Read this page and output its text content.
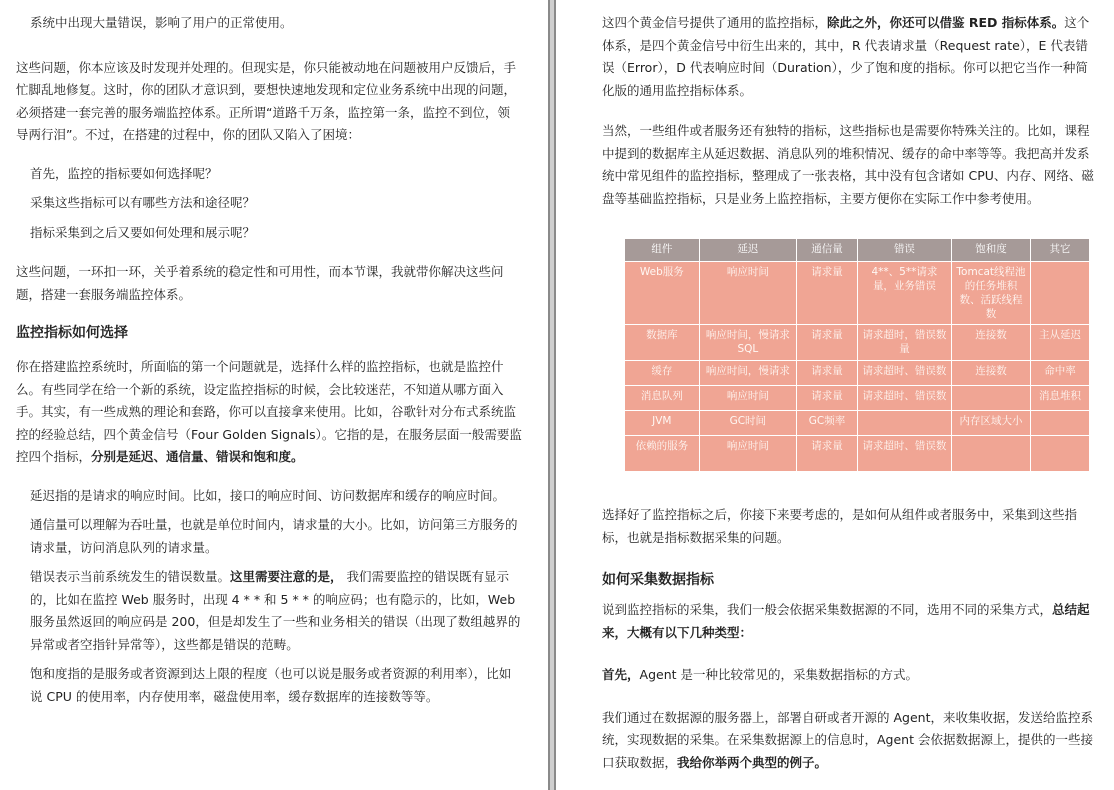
系统中出现大量错误，影响了用户的正常使用。

这些问题，你本应该及时发现并处理的。但现实是，你只能被动地在问题被用户反馈后，手忙脚乱地修复。这时，你的团队才意识到，要想快速地发现和定位业务系统中出现的问题，必须搭建一套完善的服务端监控体系。正所谓“道路千万条，监控第一条，监控不到位，领导两行泪”。不过，在搭建的过程中，你的团队又陷入了困境：

首先，监控的指标要如何选择呢？

采集这些指标可以有哪些方法和途径呢？

指标采集到之后又要如何处理和展示呢？

这些问题，一环扣一环，关乎着系统的稳定性和可用性，而本节课，我就带你解决这些问题，搭建一套服务端监控体系。

监控指标如何选择

你在搭建监控系统时，所面临的第一个问题就是，选择什么样的监控指标，也就是监控什么。有些同学在给一个新的系统，设定监控指标的时候，会比较迷茫，不知道从哪方面入手。其实，有一些成熟的理论和套路，你可以直接拿来使用。比如，谷歌针对分布式系统监控的经验总结，四个黄金信号（Four Golden Signals）。它指的是，在服务层面一般需要监控四个指标，分别是延迟、通信量、错误和饱和度。

延迟指的是请求的响应时间。比如，接口的响应时间、访问数据库和缓存的响应时间。

通信量可以理解为吞吐量，也就是单位时间内，请求量的大小。比如，访问第三方服务的请求量，访问消息队列的请求量。

错误表示当前系统发生的错误数量。这里需要注意的是， 我们需要监控的错误既有显示的，比如在监控 Web 服务时，出现 4 * * 和 5 * * 的响应码；也有隐示的，比如，Web 服务虽然返回的响应码是 200，但是却发生了一些和业务相关的错误（出现了数组越界的异常或者空指针异常等），这些都是错误的范畴。

饱和度指的是服务或者资源到达上限的程度（也可以说是服务或者资源的利用率），比如说 CPU 的使用率，内存使用率，磁盘使用率，缓存数据库的连接数等等。

这四个黄金信号提供了通用的监控指标，除此之外，你还可以借鉴 RED 指标体系。这个体系，是四个黄金信号中衍生出来的，其中，R 代表请求量（Request rate），E 代表错误（Error），D 代表响应时间（Duration），少了饱和度的指标。你可以把它当作一种简化版的通用监控指标体系。

当然，一些组件或者服务还有独特的指标，这些指标也是需要你特殊关注的。比如，课程中提到的数据库主从延迟数据、消息队列的堆积情况、缓存的命中率等等。我把高并发系统中常见组件的监控指标，整理成了一张表格，其中没有包含诸如 CPU、内存、网络、磁盘等基础监控指标，只是业务上监控指标，主要方便你在实际工作中参考使用。

组件	延迟	通信量	错误	饱和度	其它
Web服务	响应时间	请求量	4**、5**请求量，业务错误	Tomcat线程池的任务堆积数、活跃线程数	
数据库	响应时间，慢请求SQL	请求量	请求超时，错误数量	连接数	主从延迟
缓存	响应时间，慢请求	请求量	请求超时、错误数	连接数	命中率
消息队列	响应时间	请求量	请求超时、错误数		消息堆积
JVM	GC时间	GC频率		内存区域大小	
依赖的服务	响应时间	请求量	请求超时、错误数		

选择好了监控指标之后，你接下来要考虑的，是如何从组件或者服务中，采集到这些指标，也就是指标数据采集的问题。

如何采集数据指标

说到监控指标的采集，我们一般会依据采集数据源的不同，选用不同的采集方式，总结起来，大概有以下几种类型：

首先，Agent 是一种比较常见的，采集数据指标的方式。

我们通过在数据源的服务器上，部署自研或者开源的 Agent，来收集收据，发送给监控系统，实现数据的采集。在采集数据源上的信息时，Agent 会依据数据源上，提供的一些接口获取数据，我给你举两个典型的例子。
